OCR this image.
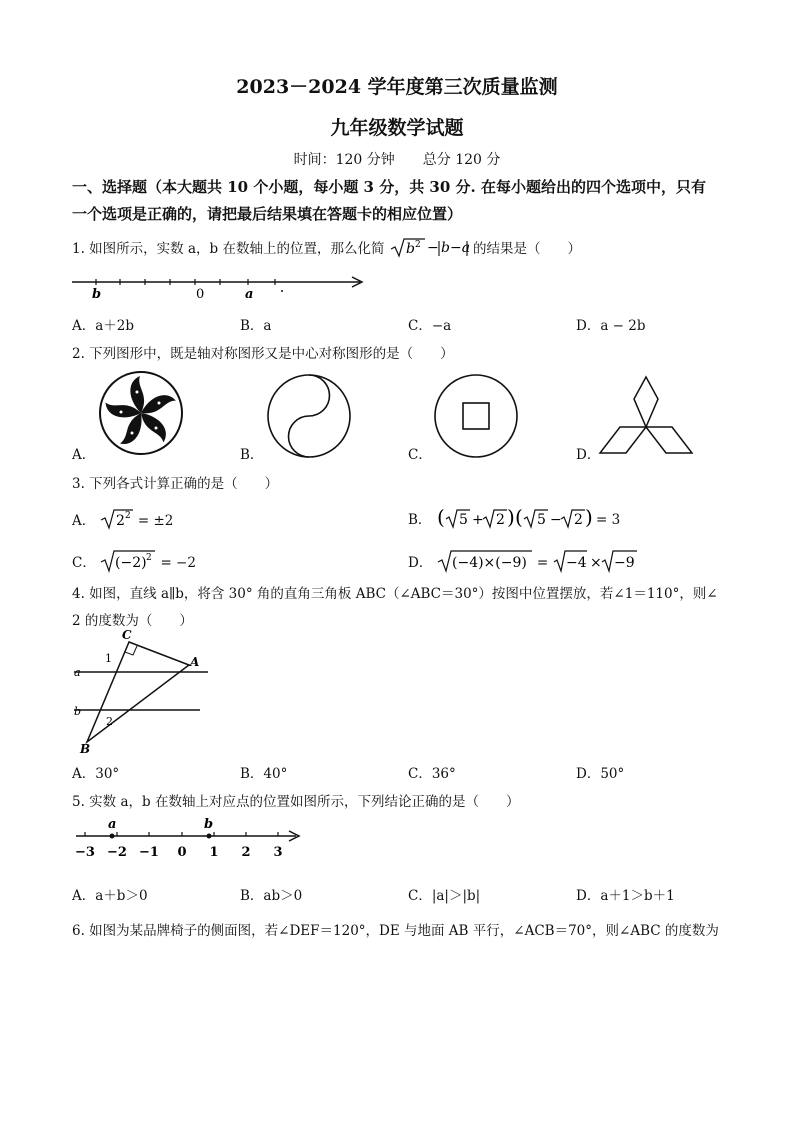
2023－2024 学年度第三次质量监测
九年级数学试题
时间：120 分钟　　总分 120 分
一、选择题（本大题共 10 个小题，每小题 3 分，共 30 分. 在每小题给出的四个选项中，只有
一个选项是正确的，请把最后结果填在答题卡的相应位置）
1. 如图所示，实数 a，b 在数轴上的位置，那么化简 b 2 − b−a 的结果是（　　）
b	0	a
A．a＋2b	B．a	C．−a	D．a − 2b
2. 下列图形中，既是轴对称图形又是中心对称图形的是（　　）
A．	B．	C．	D．
3. 下列各式计算正确的是（　　）
A． 2 2 = ±2	B． ( 5 + 2 ) ( 5 − 2 ) = 3
C． (−2) 2 = −2	D． (−4)×(−9) = −4 × −9
4. 如图，直线 a∥b，将含 30° 角的直角三角板 ABC（∠ABC＝30°）按图中位置摆放，若∠1＝110°，则∠
2 的度数为（　　）
C
A
B
a
b
1
2
A．30°	B．40°	C．36°	D．50°
5. 实数 a，b 在数轴上对应点的位置如图所示，下列结论正确的是（　　）
a	b
−3 −2 −1 0 1 2 3
A．a＋b＞0	B．ab＞0	C．|a|＞|b|	D．a＋1＞b＋1
6. 如图为某品牌椅子的侧面图，若∠DEF＝120°，DE 与地面 AB 平行，∠ACB＝70°，则∠ABC 的度数为
